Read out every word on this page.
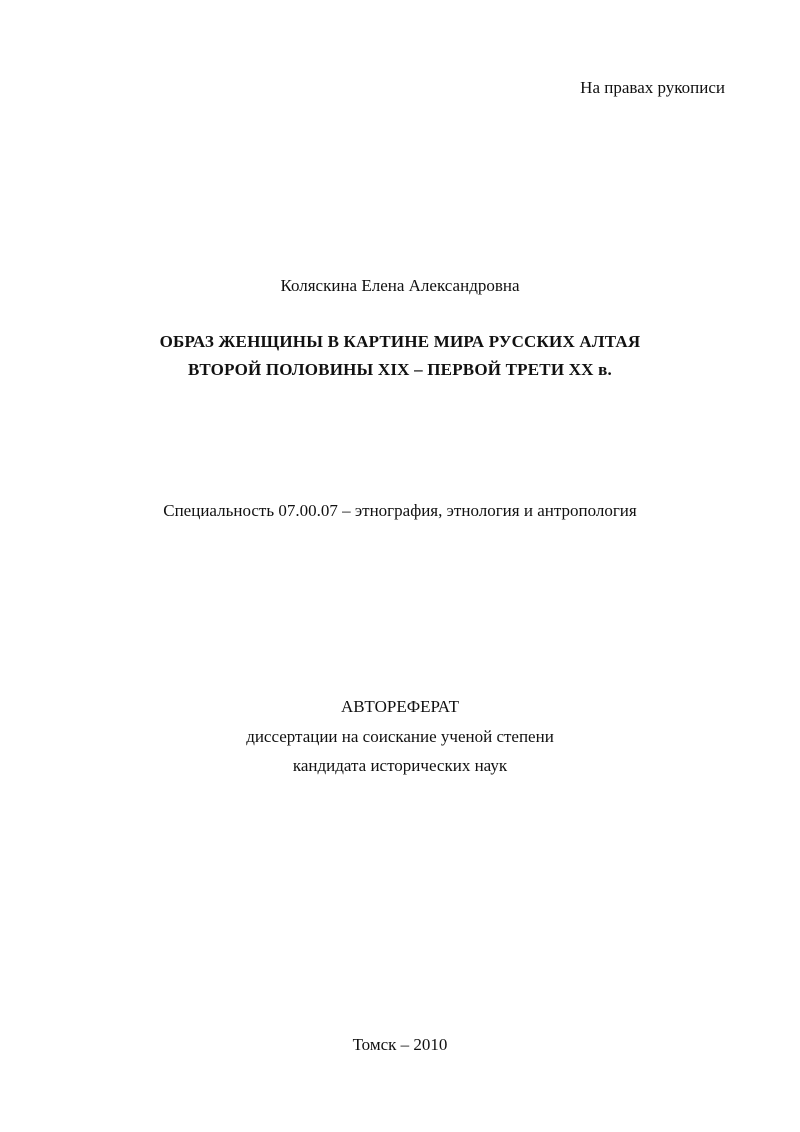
На правах рукописи

Коляскина Елена Александровна

ОБРАЗ ЖЕНЩИНЫ В КАРТИНЕ МИРА РУССКИХ АЛТАЯ

ВТОРОЙ ПОЛОВИНЫ XIX – ПЕРВОЙ ТРЕТИ XX в.

Специальность 07.00.07 – этнография, этнология и антропология

АВТОРЕФЕРАТ

диссертации на соискание ученой степени

кандидата исторических наук

Томск – 2010
